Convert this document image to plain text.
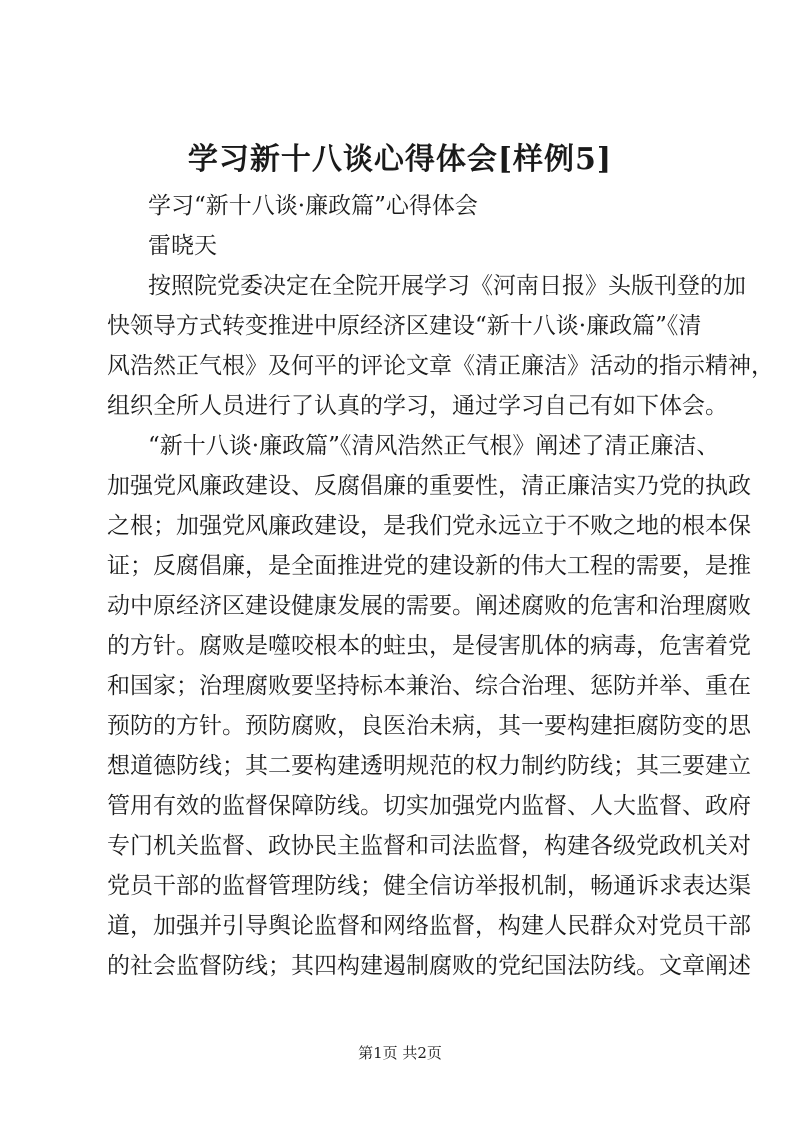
学习新十八谈心得体会[样例5]

学习“新十八谈·廉政篇”心得体会

雷晓天

按照院党委决定在全院开展学习《河南日报》头版刊登的加

快领导方式转变推进中原经济区建设“新十八谈·廉政篇”《清

风浩然正气根》及何平的评论文章《清正廉洁》活动的指示精神，

组织全所人员进行了认真的学习，通过学习自己有如下体会。

“新十八谈·廉政篇”《清风浩然正气根》阐述了清正廉洁、

加强党风廉政建设、反腐倡廉的重要性，清正廉洁实乃党的执政

之根；加强党风廉政建设，是我们党永远立于不败之地的根本保

证；反腐倡廉，是全面推进党的建设新的伟大工程的需要，是推

动中原经济区建设健康发展的需要。阐述腐败的危害和治理腐败

的方针。腐败是噬咬根本的蛀虫，是侵害肌体的病毒，危害着党

和国家；治理腐败要坚持标本兼治、综合治理、惩防并举、重在

预防的方针。预防腐败，良医治未病，其一要构建拒腐防变的思

想道德防线；其二要构建透明规范的权力制约防线；其三要建立

管用有效的监督保障防线。切实加强党内监督、人大监督、政府

专门机关监督、政协民主监督和司法监督，构建各级党政机关对

党员干部的监督管理防线；健全信访举报机制，畅通诉求表达渠

道，加强并引导舆论监督和网络监督，构建人民群众对党员干部

的社会监督防线；其四构建遏制腐败的党纪国法防线。文章阐述

第1页 共2页
